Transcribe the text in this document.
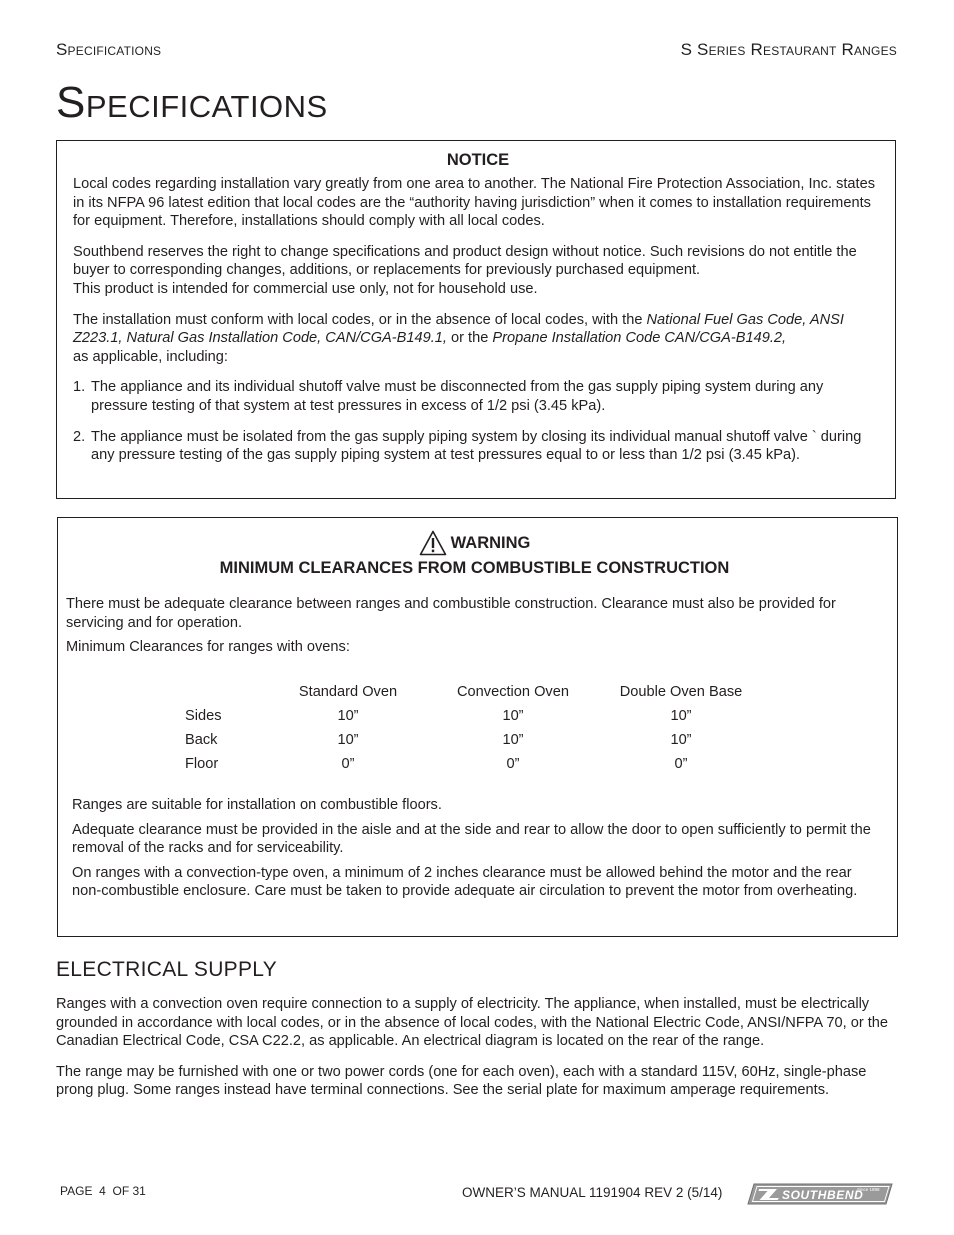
Specifications	S Series Restaurant Ranges
Specifications
NOTICE

Local codes regarding installation vary greatly from one area to another. The National Fire Protection Association, Inc. states in its NFPA 96 latest edition that local codes are the “authority having jurisdiction” when it comes to installation requirements for equipment. Therefore, installations should comply with all local codes.

Southbend reserves the right to change specifications and product design without notice. Such revisions do not entitle the buyer to corresponding changes, additions, or replacements for previously purchased equipment.
This product is intended for commercial use only, not for household use.

The installation must conform with local codes, or in the absence of local codes, with the National Fuel Gas Code, ANSI Z223.1, Natural Gas Installation Code, CAN/CGA-B149.1, or the Propane Installation Code CAN/CGA-B149.2,
as applicable, including:

1. The appliance and its individual shutoff valve must be disconnected from the gas supply piping system during any pressure testing of that system at test pressures in excess of 1/2 psi (3.45 kPa).
2. The appliance must be isolated from the gas supply piping system by closing its individual manual shutoff valve ` during any pressure testing of the gas supply piping system at test pressures equal to or less than 1/2 psi (3.45 kPa).
WARNING
MINIMUM CLEARANCES FROM COMBUSTIBLE CONSTRUCTION

There must be adequate clearance between ranges and combustible construction. Clearance must also be provided for servicing and for operation.

Minimum Clearances for ranges with ovens:

	Standard Oven		Convection Oven		Double Oven Base
Sides	10”		10”		10”
Back	10”		10”		10”
Floor	0”		0”		0”

Ranges are suitable for installation on combustible floors.

Adequate clearance must be provided in the aisle and at the side and rear to allow the door to open sufficiently to permit the removal of the racks and for serviceability.

On ranges with a convection-type oven, a minimum of 2 inches clearance must be allowed behind the motor and the rear non-combustible enclosure. Care must be taken to provide adequate air circulation to prevent the motor from overheating.

ELECTRICAL SUPPLY

Ranges with a convection oven require connection to a supply of electricity. The appliance, when installed, must be electrically grounded in accordance with local codes, or in the absence of local codes, with the National Electric Code, ANSI/NFPA 70, or the Canadian Electrical Code, CSA C22.2, as applicable. An electrical diagram is located on the rear of the range.

The range may be furnished with one or two power cords (one for each oven), each with a standard 115V, 60Hz, single-phase prong plug. Some ranges instead have terminal connections. See the serial plate for maximum amperage requirements.

PAGE 4 OF 31	OWNER’S MANUAL 1191904 REV 2 (5/14)	SOUTHBEND
Since 1898
